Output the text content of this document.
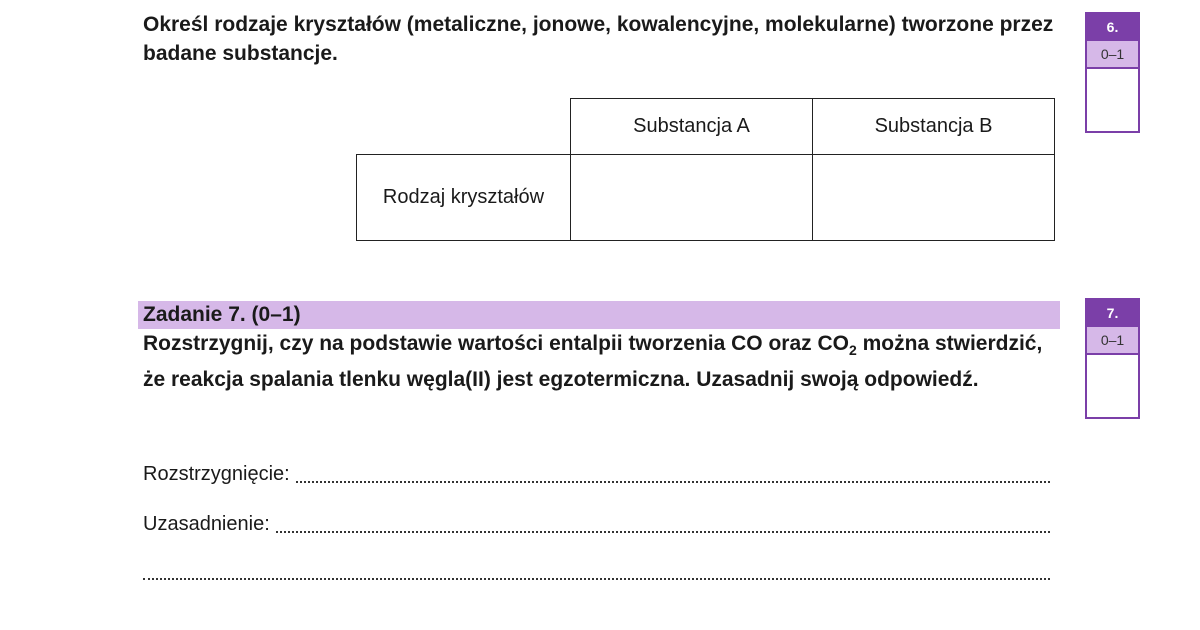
Określ rodzaje kryształów (metaliczne, jonowe, kowalencyjne, molekularne) tworzone przez badane substancje.

6.
0–1
	Substancja A	Substancja B
Rodzaj kryształów		

Zadanie 7. (0–1)

Rozstrzygnij, czy na podstawie wartości entalpii tworzenia CO oraz $CO_2$ można stwierdzić, że reakcja spalania tlenku węgla(II) jest egzotermiczna. Uzasadnij swoją odpowiedź.

7.
0–1
Rozstrzygnięcie:
Uzasadnienie:
